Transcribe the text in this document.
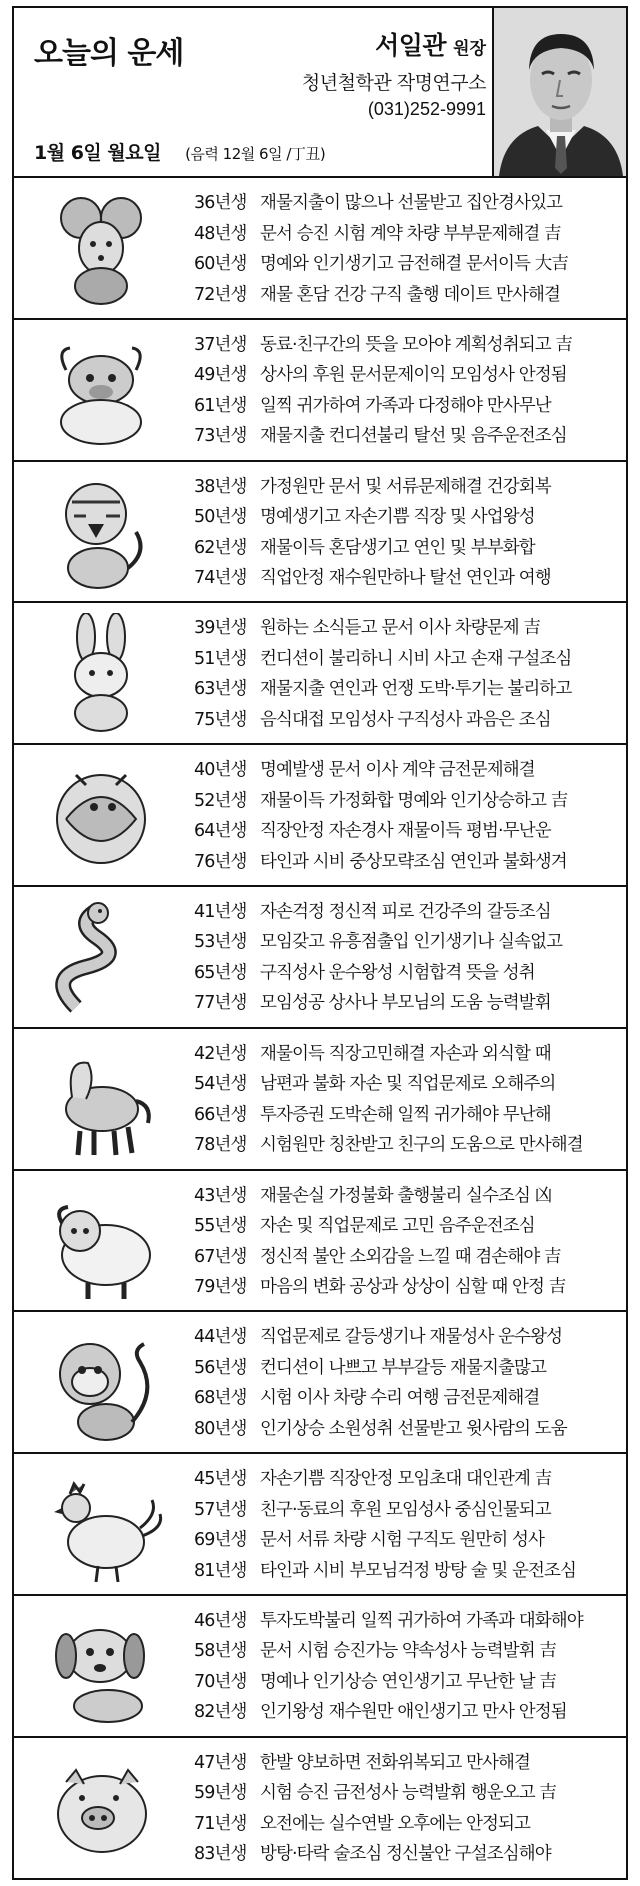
오늘의 운세	서일관 원장
청년철학관 작명연구소
(031)252-9991
1월 6일 월요일 (음력 12월 6일 /丁丑)
36년생 재물지출이 많으나 선물받고 집안경사있고
48년생 문서 승진 시험 계약 차량 부부문제해결 吉
60년생 명예와 인기생기고 금전해결 문서이득 大吉
72년생 재물 혼담 건강 구직 출행 데이트 만사해결
37년생 동료·친구간의 뜻을 모아야 계획성취되고 吉
49년생 상사의 후원 문서문제이익 모임성사 안정됨
61년생 일찍 귀가하여 가족과 다정해야 만사무난
73년생 재물지출 컨디션불리 탈선 및 음주운전조심
38년생 가정원만 문서 및 서류문제해결 건강회복
50년생 명예생기고 자손기쁨 직장 및 사업왕성
62년생 재물이득 혼담생기고 연인 및 부부화합
74년생 직업안정 재수원만하나 탈선 연인과 여행
39년생 원하는 소식듣고 문서 이사 차량문제 吉
51년생 컨디션이 불리하니 시비 사고 손재 구설조심
63년생 재물지출 연인과 언쟁 도박·투기는 불리하고
75년생 음식대접 모임성사 구직성사 과음은 조심
40년생 명예발생 문서 이사 계약 금전문제해결
52년생 재물이득 가정화합 명예와 인기상승하고 吉
64년생 직장안정 자손경사 재물이득 평범·무난운
76년생 타인과 시비 중상모략조심 연인과 불화생겨
41년생 자손걱정 정신적 피로 건강주의 갈등조심
53년생 모임갖고 유흥점출입 인기생기나 실속없고
65년생 구직성사 운수왕성 시험합격 뜻을 성취
77년생 모임성공 상사나 부모님의 도움 능력발휘
42년생 재물이득 직장고민해결 자손과 외식할 때
54년생 남편과 불화 자손 및 직업문제로 오해주의
66년생 투자증권 도박손해 일찍 귀가해야 무난해
78년생 시험원만 칭찬받고 친구의 도움으로 만사해결
43년생 재물손실 가정불화 출행불리 실수조심 凶
55년생 자손 및 직업문제로 고민 음주운전조심
67년생 정신적 불안 소외감을 느낄 때 겸손해야 吉
79년생 마음의 변화 공상과 상상이 심할 때 안정 吉
44년생 직업문제로 갈등생기나 재물성사 운수왕성
56년생 컨디션이 나쁘고 부부갈등 재물지출많고
68년생 시험 이사 차량 수리 여행 금전문제해결
80년생 인기상승 소원성취 선물받고 윗사람의 도움
45년생 자손기쁨 직장안정 모임초대 대인관계 吉
57년생 친구·동료의 후원 모임성사 중심인물되고
69년생 문서 서류 차량 시험 구직도 원만히 성사
81년생 타인과 시비 부모님걱정 방탕 술 및 운전조심
46년생 투자도박불리 일찍 귀가하여 가족과 대화해야
58년생 문서 시험 승진가능 약속성사 능력발휘 吉
70년생 명예나 인기상승 연인생기고 무난한 날 吉
82년생 인기왕성 재수원만 애인생기고 만사 안정됨
47년생 한발 양보하면 전화위복되고 만사해결
59년생 시험 승진 금전성사 능력발휘 행운오고 吉
71년생 오전에는 실수연발 오후에는 안정되고
83년생 방탕·타락 술조심 정신불안 구설조심해야
